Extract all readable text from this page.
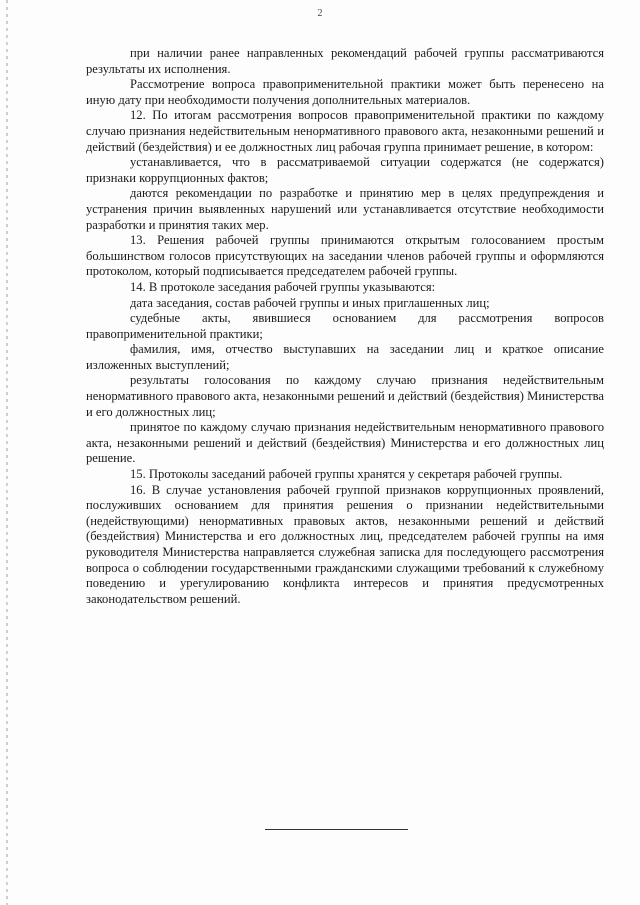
2

при наличии ранее направленных рекомендаций рабочей группы рассматриваются результаты их исполнения.

Рассмотрение вопроса правоприменительной практики может быть перенесено на иную дату при необходимости получения дополнительных материалов.

12. По итогам рассмотрения вопросов правоприменительной практики по каждому случаю признания недействительным ненормативного правового акта, незаконными решений и действий (бездействия) и ее должностных лиц рабочая группа принимает решение, в котором:

устанавливается, что в рассматриваемой ситуации содержатся (не содержатся) признаки коррупционных фактов;

даются рекомендации по разработке и принятию мер в целях предупреждения и устранения причин выявленных нарушений или устанавливается отсутствие необходимости разработки и принятия таких мер.

13. Решения рабочей группы принимаются открытым голосованием простым большинством голосов присутствующих на заседании членов рабочей группы и оформляются протоколом, который подписывается председателем рабочей группы.

14. В протоколе заседания рабочей группы указываются:

дата заседания, состав рабочей группы и иных приглашенных лиц;

судебные акты, явившиеся основанием для рассмотрения вопросов правоприменительной практики;

фамилия, имя, отчество выступавших на заседании лиц и краткое описание изложенных выступлений;

результаты голосования по каждому случаю признания недействительным ненормативного правового акта, незаконными решений и действий (бездействия) Министерства и его должностных лиц;

принятое по каждому случаю признания недействительным ненормативного правового акта, незаконными решений и действий (бездействия) Министерства и его должностных лиц решение.

15. Протоколы заседаний рабочей группы хранятся у секретаря рабочей группы.

16. В случае установления рабочей группой признаков коррупционных проявлений, послуживших основанием для принятия решения о признании недействительными (недействующими) ненормативных правовых актов, незаконными решений и действий (бездействия) Министерства и его должностных лиц, председателем рабочей группы на имя руководителя Министерства направляется служебная записка для последующего рассмотрения вопроса о соблюдении государственными гражданскими служащими требований к служебному поведению и урегулированию конфликта интересов и принятия предусмотренных законодательством решений.
